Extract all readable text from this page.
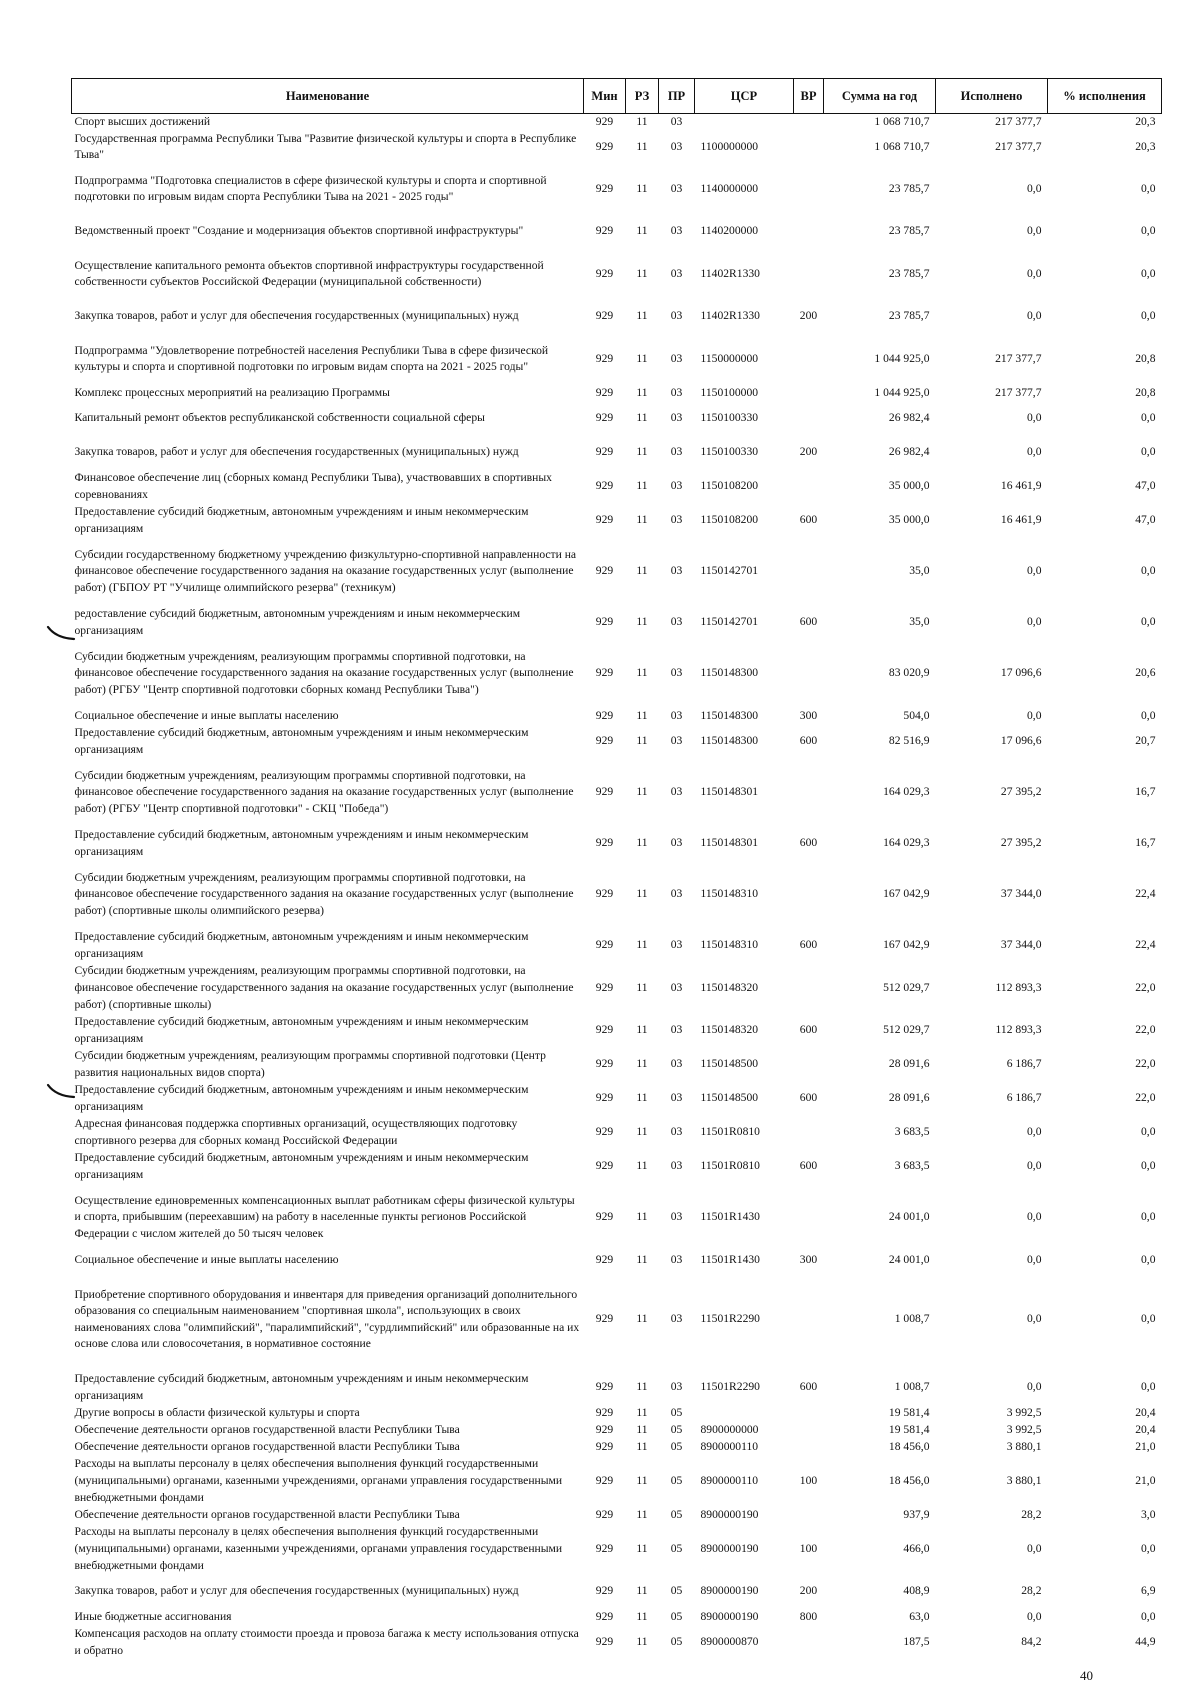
Наименование	Мин	РЗ	ПР	ЦСР	ВР	Сумма на год	Исполнено	% исполнения
Спорт высших достижений	929	11	03			1 068 710,7	217 377,7	20,3
Государственная программа Республики Тыва "Развитие физической культуры и спорта в Республике Тыва"	929	11	03	1100000000		1 068 710,7	217 377,7	20,3
Подпрограмма "Подготовка специалистов в сфере физической культуры и спорта и спортивной подготовки по игровым видам спорта Республики Тыва на 2021 - 2025 годы"	929	11	03	1140000000		23 785,7	0,0	0,0
Ведомственный проект "Создание и модернизация объектов спортивной инфраструктуры"	929	11	03	1140200000		23 785,7	0,0	0,0
Осуществление капитального ремонта объектов спортивной инфраструктуры государственной собственности субъектов Российской Федерации (муниципальной собственности)	929	11	03	11402R1330		23 785,7	0,0	0,0
Закупка товаров, работ и услуг для обеспечения государственных (муниципальных) нужд	929	11	03	11402R1330	200	23 785,7	0,0	0,0
Подпрограмма "Удовлетворение потребностей населения Республики Тыва в сфере физической культуры и спорта и спортивной подготовки по игровым видам спорта на 2021 - 2025 годы"	929	11	03	1150000000		1 044 925,0	217 377,7	20,8
Комплекс процессных мероприятий на реализацию Программы	929	11	03	1150100000		1 044 925,0	217 377,7	20,8
Капитальный ремонт объектов республиканской собственности социальной сферы	929	11	03	1150100330		26 982,4	0,0	0,0
Закупка товаров, работ и услуг для обеспечения государственных (муниципальных) нужд	929	11	03	1150100330	200	26 982,4	0,0	0,0
Финансовое обеспечение лиц (сборных команд Республики Тыва), участвовавших в спортивных соревнованиях	929	11	03	1150108200		35 000,0	16 461,9	47,0
Предоставление субсидий бюджетным, автономным учреждениям и иным некоммерческим организациям	929	11	03	1150108200	600	35 000,0	16 461,9	47,0
Субсидии государственному бюджетному учреждению физкультурно-спортивной направленности на финансовое обеспечение государственного задания на оказание государственных услуг (выполнение работ) (ГБПОУ РТ "Училище олимпийского резерва" (техникум)	929	11	03	1150142701		35,0	0,0	0,0
редоставление субсидий бюджетным, автономным учреждениям и иным некоммерческим организациям	929	11	03	1150142701	600	35,0	0,0	0,0
Субсидии бюджетным учреждениям, реализующим программы спортивной подготовки, на финансовое обеспечение государственного задания на оказание государственных услуг (выполнение работ) (РГБУ "Центр спортивной подготовки сборных команд Республики Тыва")	929	11	03	1150148300		83 020,9	17 096,6	20,6
Социальное обеспечение и иные выплаты населению	929	11	03	1150148300	300	504,0	0,0	0,0
Предоставление субсидий бюджетным, автономным учреждениям и иным некоммерческим организациям	929	11	03	1150148300	600	82 516,9	17 096,6	20,7
Субсидии бюджетным учреждениям, реализующим программы спортивной подготовки, на финансовое обеспечение государственного задания на оказание государственных услуг (выполнение работ) (РГБУ "Центр спортивной подготовки" - СКЦ "Победа")	929	11	03	1150148301		164 029,3	27 395,2	16,7
Предоставление субсидий бюджетным, автономным учреждениям и иным некоммерческим организациям	929	11	03	1150148301	600	164 029,3	27 395,2	16,7
Субсидии бюджетным учреждениям, реализующим программы спортивной подготовки, на финансовое обеспечение государственного задания на оказание государственных услуг (выполнение работ) (спортивные школы олимпийского резерва)	929	11	03	1150148310		167 042,9	37 344,0	22,4
Предоставление субсидий бюджетным, автономным учреждениям и иным некоммерческим организациям	929	11	03	1150148310	600	167 042,9	37 344,0	22,4
Субсидии бюджетным учреждениям, реализующим программы спортивной подготовки, на финансовое обеспечение государственного задания на оказание государственных услуг (выполнение работ) (спортивные школы)	929	11	03	1150148320		512 029,7	112 893,3	22,0
Предоставление субсидий бюджетным, автономным учреждениям и иным некоммерческим организациям	929	11	03	1150148320	600	512 029,7	112 893,3	22,0
Субсидии бюджетным учреждениям, реализующим программы спортивной подготовки (Центр развития национальных видов спорта)	929	11	03	1150148500		28 091,6	6 186,7	22,0
Предоставление субсидий бюджетным, автономным учреждениям и иным некоммерческим организациям	929	11	03	1150148500	600	28 091,6	6 186,7	22,0
Адресная финансовая поддержка спортивных организаций, осуществляющих подготовку спортивного резерва для сборных команд Российской Федерации	929	11	03	11501R0810		3 683,5	0,0	0,0
Предоставление субсидий бюджетным, автономным учреждениям и иным некоммерческим организациям	929	11	03	11501R0810	600	3 683,5	0,0	0,0
Осуществление единовременных компенсационных выплат работникам сферы физической культуры и спорта, прибывшим (переехавшим) на работу в населенные пункты регионов Российской Федерации с числом жителей до 50 тысяч человек	929	11	03	11501R1430		24 001,0	0,0	0,0
Социальное обеспечение и иные выплаты населению	929	11	03	11501R1430	300	24 001,0	0,0	0,0
Приобретение спортивного оборудования и инвентаря для приведения организаций дополнительного образования со специальным наименованием "спортивная школа", использующих в своих наименованиях слова "олимпийский", "паралимпийский", "сурдлимпийский" или образованные на их основе слова или словосочетания, в нормативное состояние	929	11	03	11501R2290		1 008,7	0,0	0,0
Предоставление субсидий бюджетным, автономным учреждениям и иным некоммерческим организациям	929	11	03	11501R2290	600	1 008,7	0,0	0,0
Другие вопросы в области физической культуры и спорта	929	11	05			19 581,4	3 992,5	20,4
Обеспечение деятельности органов государственной власти Республики Тыва	929	11	05	8900000000		19 581,4	3 992,5	20,4
Обеспечение деятельности органов государственной власти Республики Тыва	929	11	05	8900000110		18 456,0	3 880,1	21,0
Расходы на выплаты персоналу в целях обеспечения выполнения функций государственными (муниципальными) органами, казенными учреждениями, органами управления государственными внебюджетными фондами	929	11	05	8900000110	100	18 456,0	3 880,1	21,0
Обеспечение деятельности органов государственной власти Республики Тыва	929	11	05	8900000190		937,9	28,2	3,0
Расходы на выплаты персоналу в целях обеспечения выполнения функций государственными (муниципальными) органами, казенными учреждениями, органами управления государственными внебюджетными фондами	929	11	05	8900000190	100	466,0	0,0	0,0
Закупка товаров, работ и услуг для обеспечения государственных (муниципальных) нужд	929	11	05	8900000190	200	408,9	28,2	6,9
Иные бюджетные ассигнования	929	11	05	8900000190	800	63,0	0,0	0,0
Компенсация расходов на оплату стоимости проезда и провоза багажа к месту использования отпуска и обратно	929	11	05	8900000870		187,5	84,2	44,9
40
